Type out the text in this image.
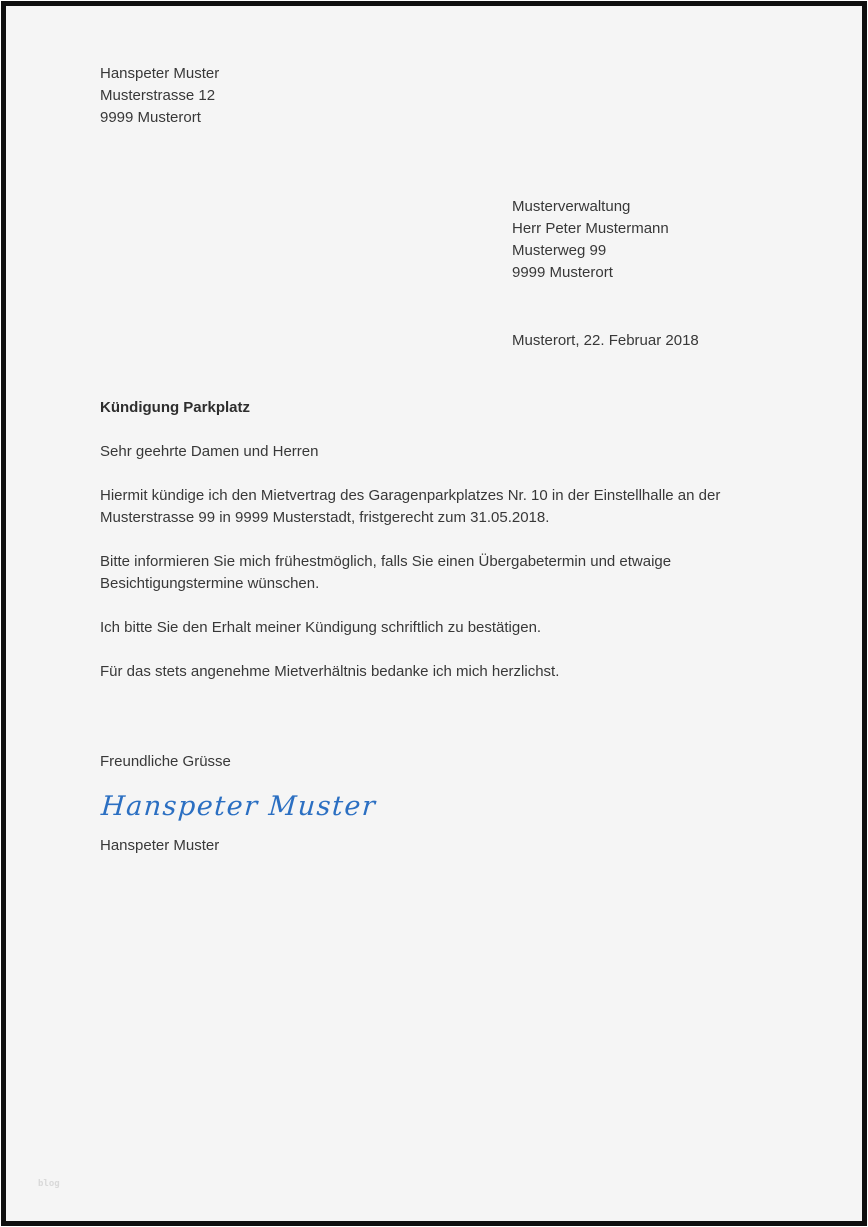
Hanspeter Muster
Musterstrasse 12
9999 Musterort
Musterverwaltung
Herr Peter Mustermann
Musterweg 99
9999 Musterort
Musterort, 22. Februar 2018
Kündigung Parkplatz
Sehr geehrte Damen und Herren
Hiermit kündige ich den Mietvertrag des Garagenparkplatzes Nr. 10 in der Einstellhalle an der
Musterstrasse 99 in 9999 Musterstadt, fristgerecht zum 31.05.2018.
Bitte informieren Sie mich frühestmöglich, falls Sie einen Übergabetermin und etwaige
Besichtigungstermine wünschen.
Ich bitte Sie den Erhalt meiner Kündigung schriftlich zu bestätigen.
Für das stets angenehme Mietverhältnis bedanke ich mich herzlichst.
Freundliche Grüsse
Hanspeter Muster
Hanspeter Muster
blog
